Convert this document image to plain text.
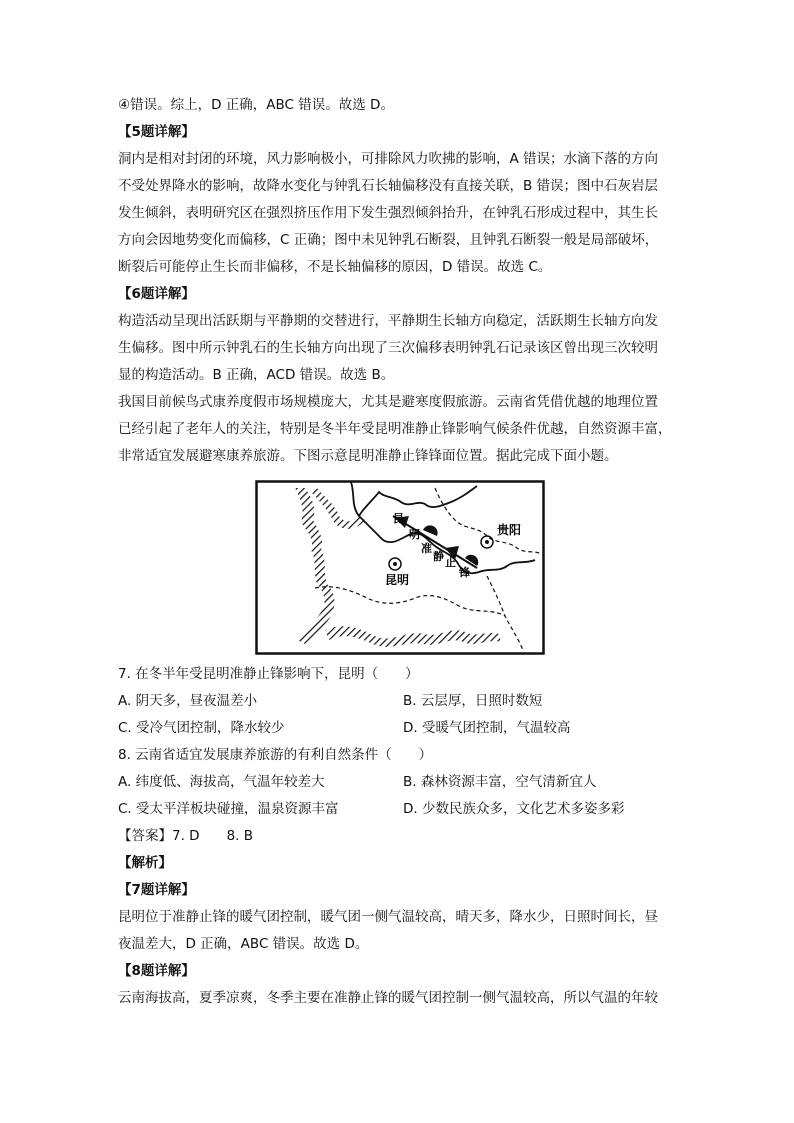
④错误。综上，D 正确，ABC 错误。故选 D。

【5题详解】

洞内是相对封闭的环境，风力影响极小，可排除风力吹拂的影响，A 错误；水滴下落的方向

不受处界降水的影响，故降水变化与钟乳石长轴偏移没有直接关联，B 错误；图中石灰岩层

发生倾斜，表明研究区在强烈挤压作用下发生强烈倾斜抬升，在钟乳石形成过程中，其生长

方向会因地势变化而偏移，C 正确；图中未见钟乳石断裂，且钟乳石断裂一般是局部破坏，

断裂后可能停止生长而非偏移，不是长轴偏移的原因，D 错误。故选 C。

【6题详解】

构造活动呈现出活跃期与平静期的交替进行，平静期生长轴方向稳定，活跃期生长轴方向发

生偏移。图中所示钟乳石的生长轴方向出现了三次偏移表明钟乳石记录该区曾出现三次较明

显的构造活动。B 正确，ACD 错误。故选 B。

我国目前候鸟式康养度假市场规模庞大，尤其是避寒度假旅游。云南省凭借优越的地理位置

已经引起了老年人的关注，特别是冬半年受昆明准静止锋影响气候条件优越，自然资源丰富，

非常适宜发展避寒康养旅游。下图示意昆明准静止锋锋面位置。据此完成下面小题。

昆
明
准
静 止
锋
昆明
贵阳

7. 在冬半年受昆明准静止锋影响下，昆明（　　）

A. 阴天多，昼夜温差小	B. 云层厚，日照时数短
C. 受冷气团控制，降水较少	D. 受暖气团控制，气温较高

8. 云南省适宜发展康养旅游的有利自然条件（　　）

A. 纬度低、海拔高，气温年较差大	B. 森林资源丰富，空气清新宜人
C. 受太平洋板块碰撞，温泉资源丰富	D. 少数民族众多，文化艺术多姿多彩

【答案】7. D　　8. B

【解析】

【7题详解】

昆明位于准静止锋的暖气团控制，暖气团一侧气温较高，晴天多，降水少，日照时间长，昼

夜温差大，D 正确，ABC 错误。故选 D。

【8题详解】

云南海拔高，夏季凉爽，冬季主要在准静止锋的暖气团控制一侧气温较高，所以气温的年较
